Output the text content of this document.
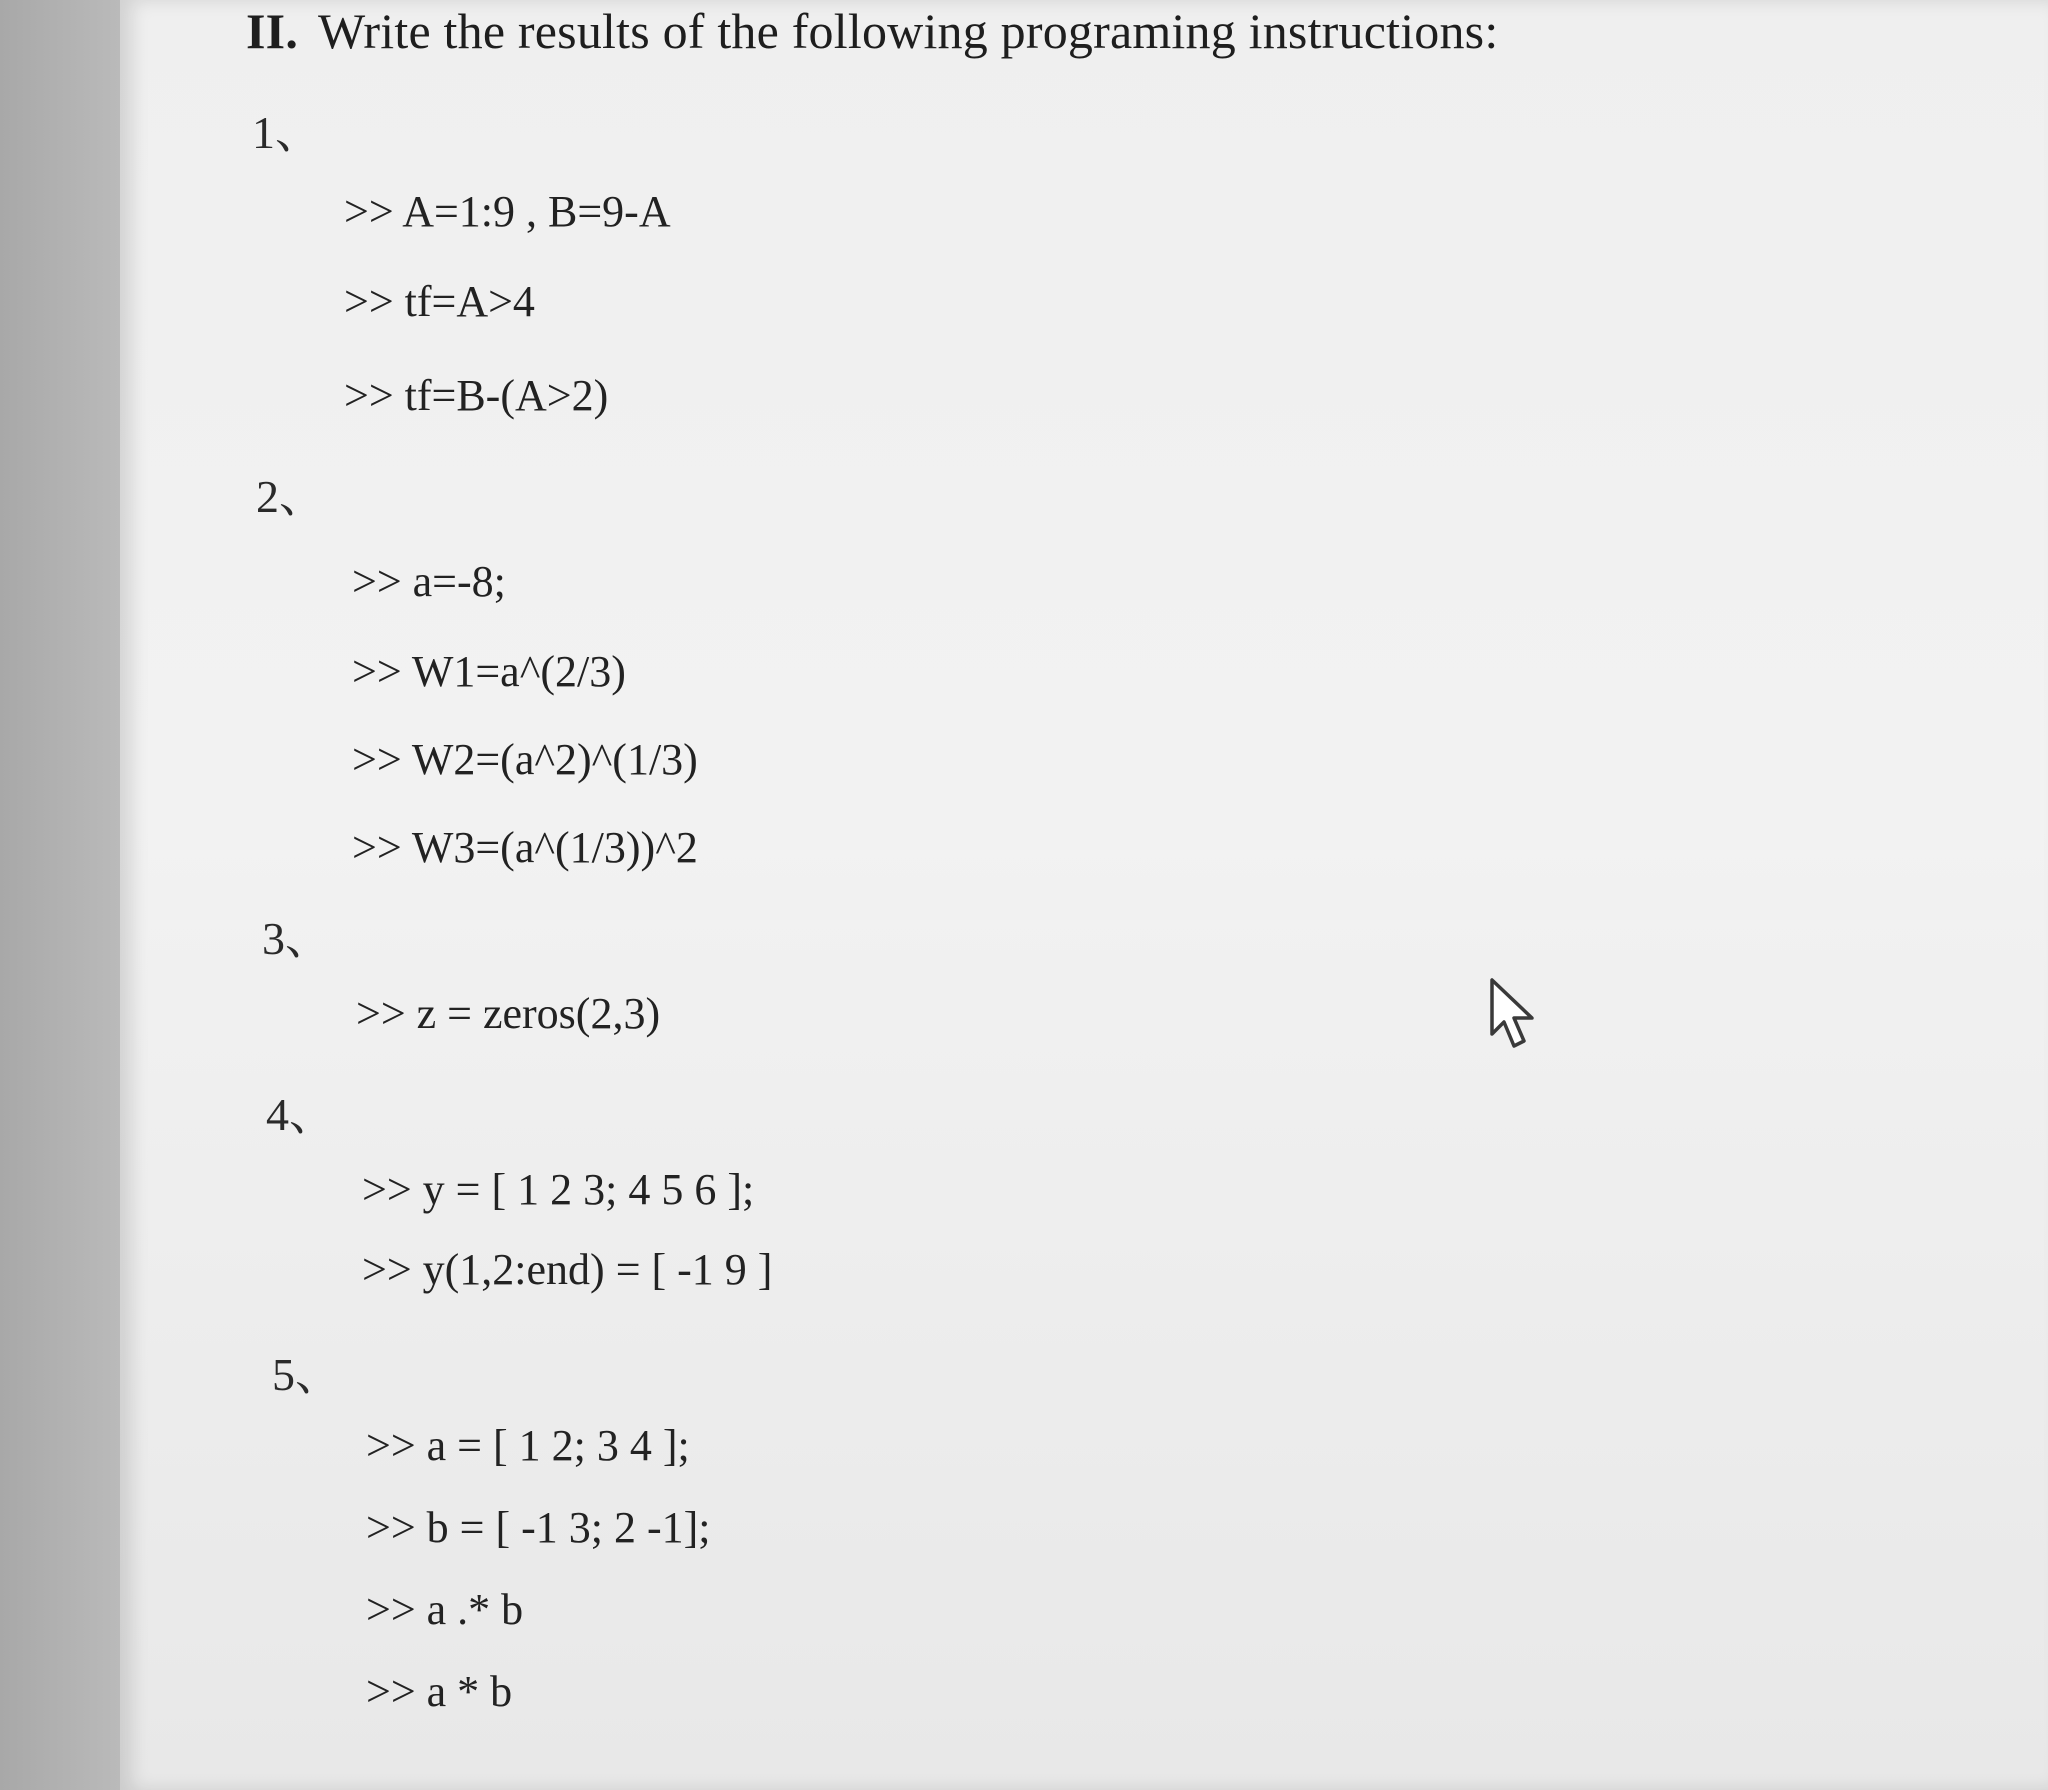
II. Write the results of the following programing instructions:
1、
>> A=1:9 , B=9-A
>> tf=A>4
>> tf=B-(A>2)
2、
>> a=-8;
>> W1=a^(2/3)
>> W2=(a^2)^(1/3)
>> W3=(a^(1/3))^2
3、
>> z = zeros(2,3)
4、
>> y = [ 1 2 3; 4 5 6 ];
>> y(1,2:end) = [ -1 9 ]
5、
>> a = [ 1 2; 3 4 ];
>> b = [ -1 3; 2 -1];
>> a .* b
>> a * b
